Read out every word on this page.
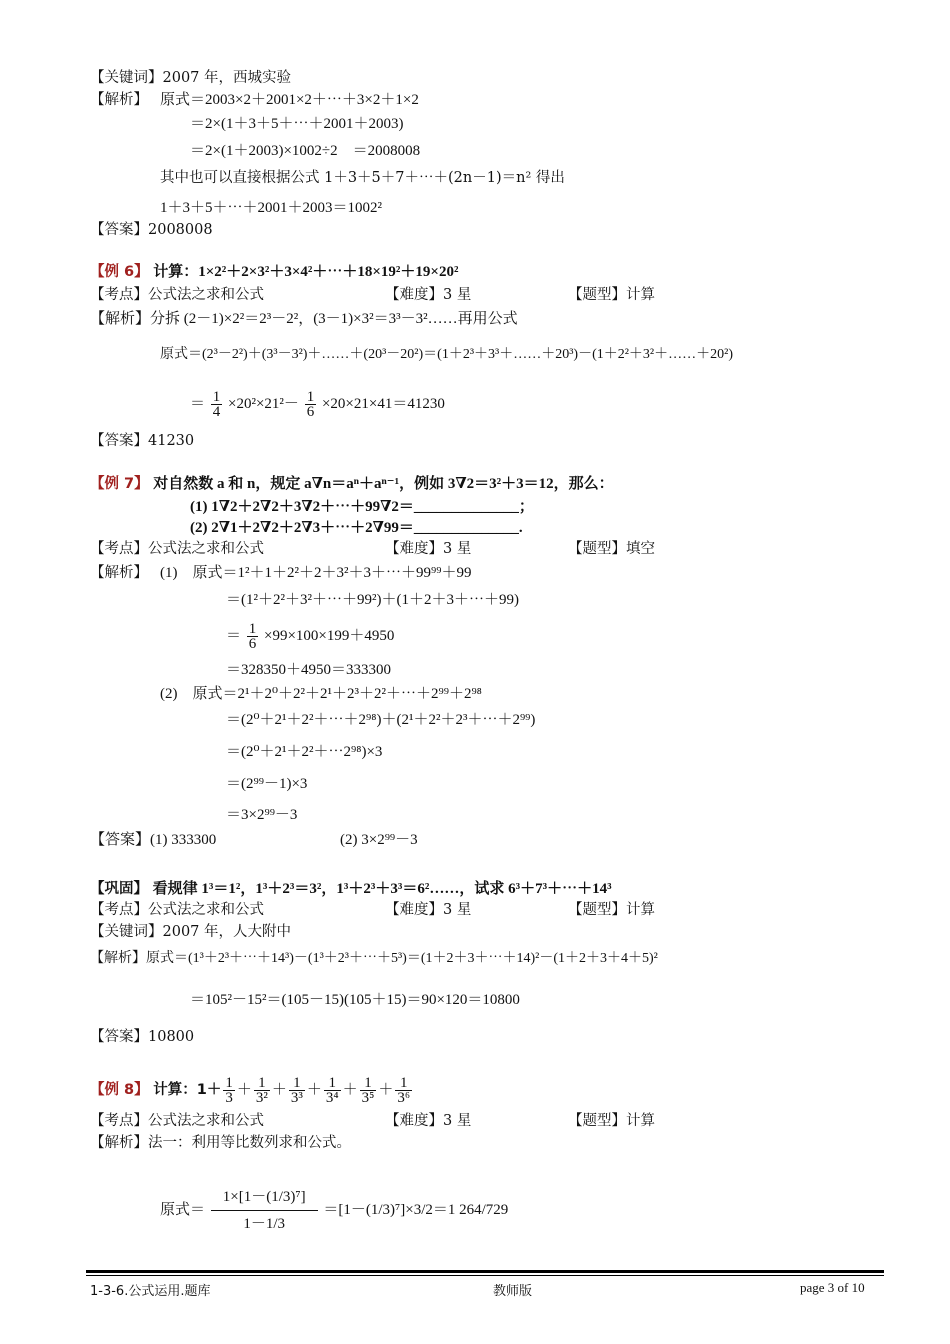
【关键词】2007 年，西城实验
【解析】 原式＝2003×2＋2001×2＋⋯＋3×2＋1×2
＝2×(1＋3＋5＋⋯＋2001＋2003)
＝2×(1＋2003)×1002÷2　＝2008008
其中也可以直接根据公式 1＋3＋5＋7＋⋯＋(2n－1)＝n² 得出
1＋3＋5＋⋯＋2001＋2003＝1002²
【答案】2008008
【例 6】 计算：1×2²＋2×3²＋3×4²＋⋯＋18×19²＋19×20²
【考点】公式法之求和公式	【难度】3 星	【题型】计算
【解析】分拆 (2－1)×2²＝2³－2²，(3－1)×3²＝3³－3²……再用公式
原式＝(2³－2²)＋(3³－3²)＋……＋(20³－20²)＝(1＋2³＋3³＋……＋20³)－(1＋2²＋3²＋……＋20²)
＝ $\frac{1}{4} \times 20^2\times 21^2- \frac{1}{6} \times 20\times 21\times 41=41230$
【答案】41230
【例 7】 对自然数 a 和 n，规定 a∇n＝aⁿ＋aⁿ⁻¹，例如 3∇2＝3²＋3＝12，那么：
(1) 1∇2＋2∇2＋3∇2＋⋯＋99∇2＝______________；
(2) 2∇1＋2∇2＋2∇3＋⋯＋2∇99＝______________.
【考点】公式法之求和公式	【难度】3 星	【题型】填空
【解析】 (1)　原式＝1²＋1＋2²＋2＋3²＋3＋⋯＋99⁹⁹＋99
＝(1²＋2²＋3²＋⋯＋99²)＋(1＋2＋3＋⋯＋99)
＝ $\frac{1}{6} \times 99\times 100\times 199+4950$
＝328350＋4950＝333300
(2)　原式＝2¹＋2⁰＋2²＋2¹＋2³＋2²＋⋯＋2⁹⁹＋2⁹⁸
＝(2⁰＋2¹＋2²＋⋯＋2⁹⁸)＋(2¹＋2²＋2³＋⋯＋2⁹⁹)
＝(2⁰＋2¹＋2²＋⋯2⁹⁸)×3
＝(2⁹⁹－1)×3
＝3×2⁹⁹－3
【答案】(1) 333300	(2) 3×2⁹⁹－3
【巩固】 看规律 1³＝1²，1³＋2³＝3²，1³＋2³＋3³＝6²……，试求 6³＋7³＋⋯＋14³
【考点】公式法之求和公式	【难度】3 星	【题型】计算
【关键词】2007 年，人大附中
【解析】原式＝(1³＋2³＋⋯＋14³)－(1³＋2³＋⋯＋5³)＝(1＋2＋3＋⋯＋14)²－(1＋2＋3＋4＋5)²
＝105²－15²＝(105－15)(105＋15)＝90×120＝10800
【答案】10800
【例 8】 计算：$1+ \frac{1}{3} + \frac{1}{\text{3²}} + \frac{1}{\text{3³}} + \frac{1}{\text{3⁴}} + \frac{1}{\text{3⁵}} + \frac{1}{\text{3⁶}}$
【考点】公式法之求和公式	【难度】3 星	【题型】计算
【解析】法一：利用等比数列求和公式。
原式＝ $\frac{\text{1×[1－(1/3)⁷]}}{1-1/3} =[1-(1/3)^7]\times 3/2=1$ 264/729
1-3-6.公式运用.题库	教师版	page 3 of 10
